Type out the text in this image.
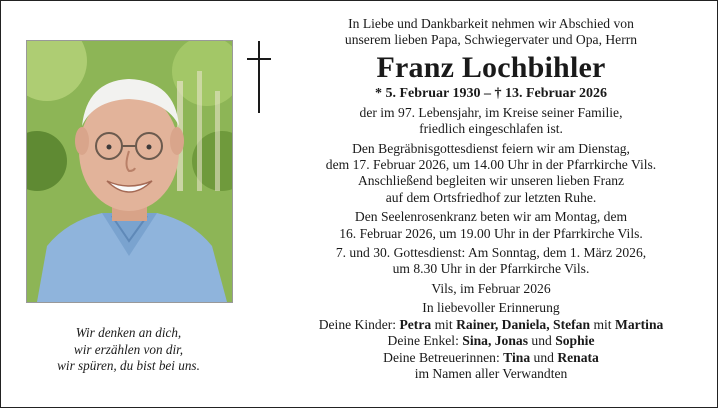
Wir denken an dich,
wir erzählen von dir,
wir spüren, du bist bei uns.
In Liebe und Dankbarkeit nehmen wir Abschied von
unserem lieben Papa, Schwiegervater und Opa, Herrn
Franz Lochbihler
* 5. Februar 1930 – † 13. Februar 2026
der im 97. Lebensjahr, im Kreise seiner Familie,
friedlich eingeschlafen ist.
Den Begräbnisgottesdienst feiern wir am Dienstag,
dem 17. Februar 2026, um 14.00 Uhr in der Pfarrkirche Vils.
Anschließend begleiten wir unseren lieben Franz
auf dem Ortsfriedhof zur letzten Ruhe.
Den Seelenrosenkranz beten wir am Montag, dem
16. Februar 2026, um 19.00 Uhr in der Pfarrkirche Vils.
7. und 30. Gottesdienst: Am Sonntag, dem 1. März 2026,
um 8.30 Uhr in der Pfarrkirche Vils.
Vils, im Februar 2026
In liebevoller Erinnerung
Deine Kinder: Petra mit Rainer, Daniela, Stefan mit Martina
Deine Enkel: Sina, Jonas und Sophie
Deine Betreuerinnen: Tina und Renata
im Namen aller Verwandten
